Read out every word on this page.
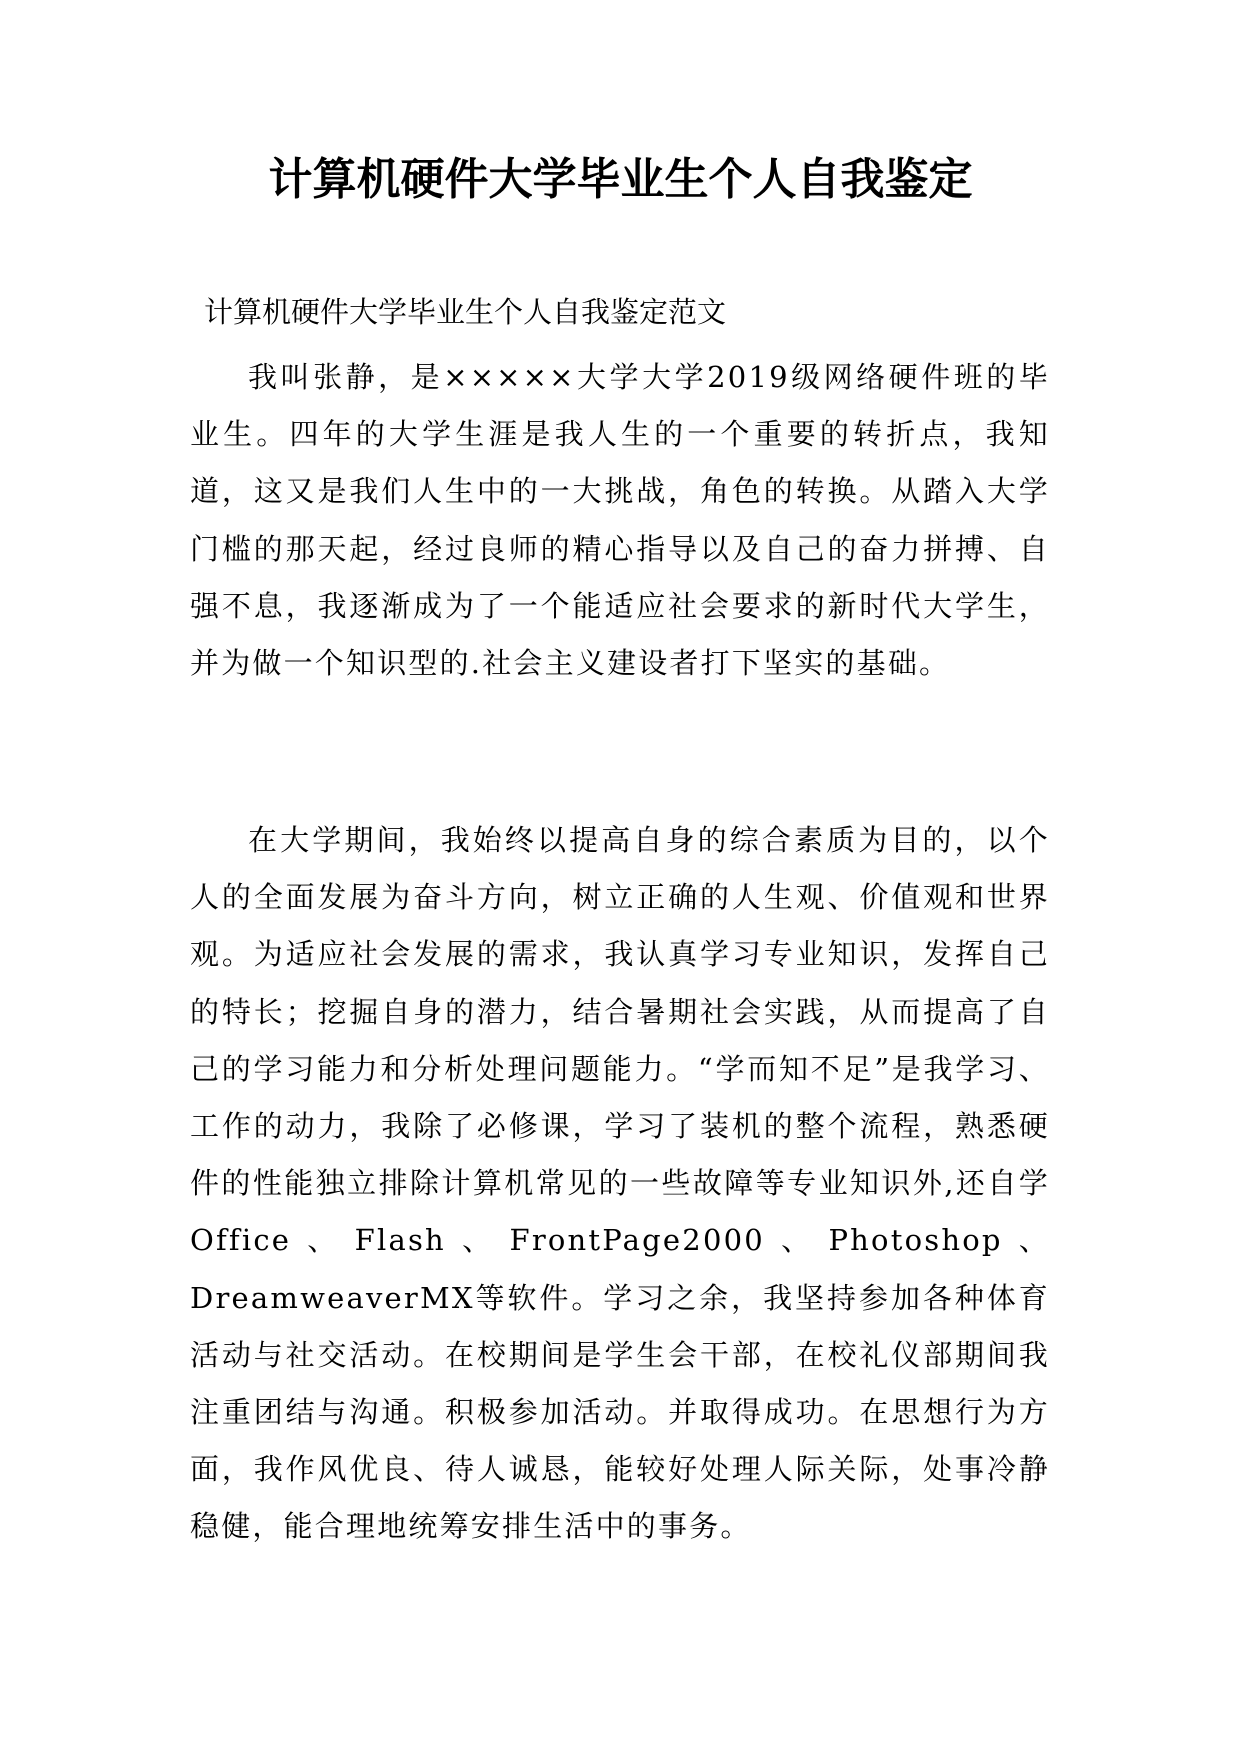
计算机硬件大学毕业生个人自我鉴定

计算机硬件大学毕业生个人自我鉴定范文

我叫张静，是×××××大学大学2019级网络硬件班的毕业生。四年的大学生涯是我人生的一个重要的转折点，我知道，这又是我们人生中的一大挑战，角色的转换。从踏入大学门槛的那天起，经过良师的精心指导以及自己的奋力拼搏、自强不息，我逐渐成为了一个能适应社会要求的新时代大学生，并为做一个知识型的.社会主义建设者打下坚实的基础。

在大学期间，我始终以提高自身的综合素质为目的，以个人的全面发展为奋斗方向，树立正确的人生观、价值观和世界观。为适应社会发展的需求，我认真学习专业知识，发挥自己的特长；挖掘自身的潜力，结合暑期社会实践，从而提高了自己的学习能力和分析处理问题能力。“学而知不足”是我学习、工作的动力，我除了必修课，学习了装机的整个流程，熟悉硬件的性能独立排除计算机常见的一些故障等专业知识外,还自学Office、Flash、FrontPage2000、Photoshop、DreamweaverMX等软件。学习之余，我坚持参加各种体育活动与社交活动。在校期间是学生会干部，在校礼仪部期间我注重团结与沟通。积极参加活动。并取得成功。在思想行为方面，我作风优良、待人诚恳，能较好处理人际关际，处事冷静稳健，能合理地统筹安排生活中的事务。
